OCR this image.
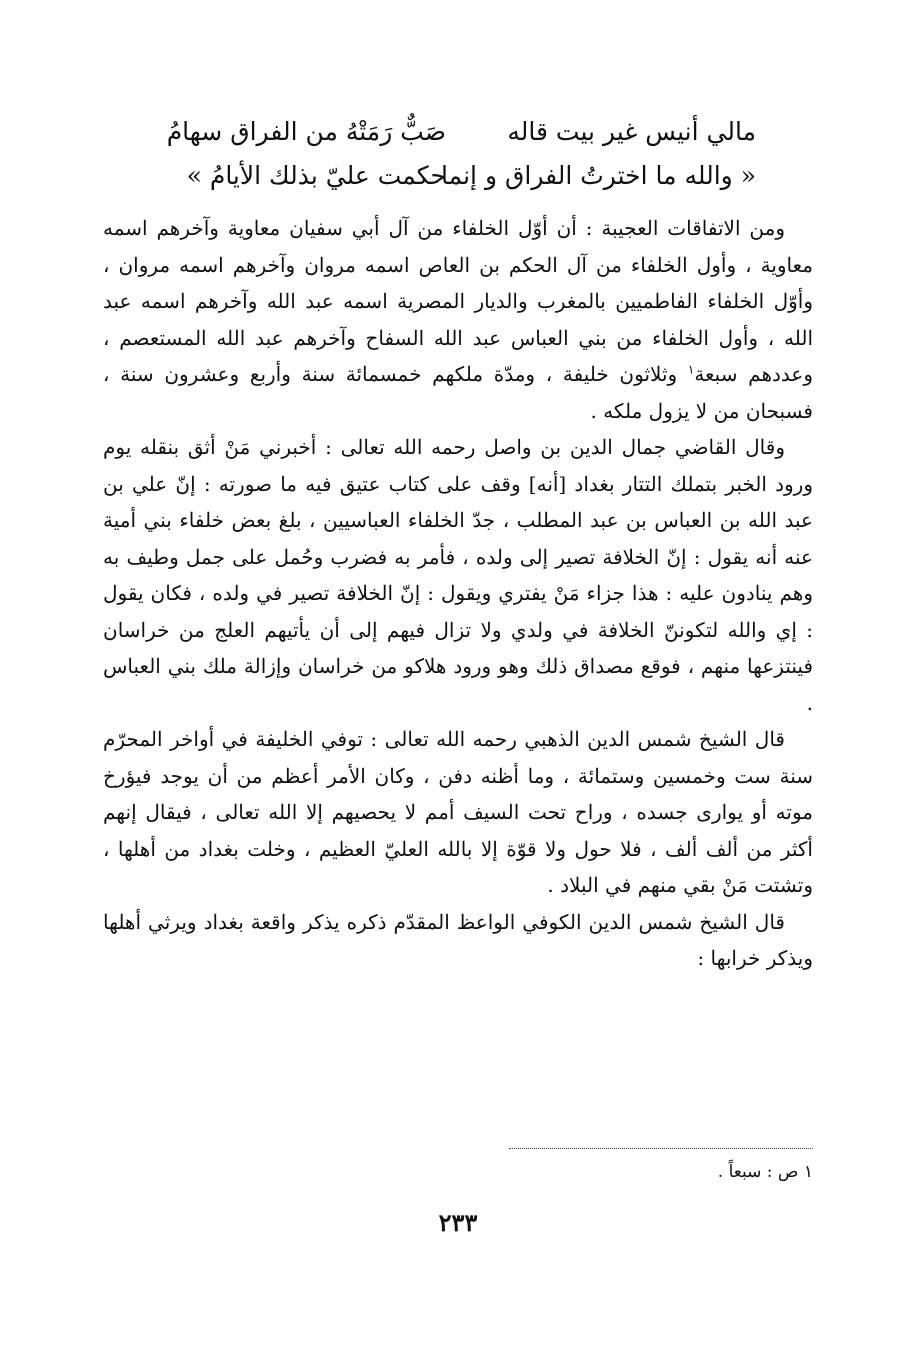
مالي أنيس غير بيت قاله
صَبٌّ رَمَتْهُ من الفراق سهامُ
« والله ما اخترتُ الفراق و إنما
حكمت عليّ بذلك الأيامُ »

ومن الاتفاقات العجيبة : أن أوّل الخلفاء من آل أبي سفيان معاوية وآخرهم اسمه معاوية ، وأول الخلفاء من آل الحكم بن العاص اسمه مروان وآخرهم اسمه مروان ، وأوّل الخلفاء الفاطميين بالمغرب والديار المصرية اسمه عبد الله وآخرهم اسمه عبد الله ، وأول الخلفاء من بني العباس عبد الله السفاح وآخرهم عبد الله المستعصم ، وعددهم سبعة$^١$ وثلاثون خليفة ، ومدّة ملكهم خمسمائة سنة وأربع وعشرون سنة ، فسبحان من لا يزول ملكه .

وقال القاضي جمال الدين بن واصل رحمه الله تعالى : أخبرني مَنْ أثق بنقله يوم ورود الخبر بتملك التتار بغداد [أنه] وقف على كتاب عتيق فيه ما صورته : إنّ علي بن عبد الله بن العباس بن عبد المطلب ، جدّ الخلفاء العباسيين ، بلغ بعض خلفاء بني أمية عنه أنه يقول : إنّ الخلافة تصير إلى ولده ، فأمر به فضرب وحُمل على جمل وطيف به وهم ينادون عليه : هذا جزاء مَنْ يفتري ويقول : إنّ الخلافة تصير في ولده ، فكان يقول : إي والله لتكوننّ الخلافة في ولدي ولا تزال فيهم إلى أن يأتيهم العلج من خراسان فينتزعها منهم ، فوقع مصداق ذلك وهو ورود هلاكو من خراسان وإزالة ملك بني العباس .

قال الشيخ شمس الدين الذهبي رحمه الله تعالى : توفي الخليفة في أواخر المحرّم سنة ست وخمسين وستمائة ، وما أظنه دفن ، وكان الأمر أعظم من أن يوجد فيؤرخ موته أو يوارى جسده ، وراح تحت السيف أمم لا يحصيهم إلا الله تعالى ، فيقال إنهم أكثر من ألف ألف ، فلا حول ولا قوّة إلا بالله العليّ العظيم ، وخلت بغداد من أهلها ، وتشتت مَنْ بقي منهم في البلاد .

قال الشيخ شمس الدين الكوفي الواعظ المقدّم ذكره يذكر واقعة بغداد ويرثي أهلها ويذكر خرابها :

١ ص : سبعاً .
٢٣٣
